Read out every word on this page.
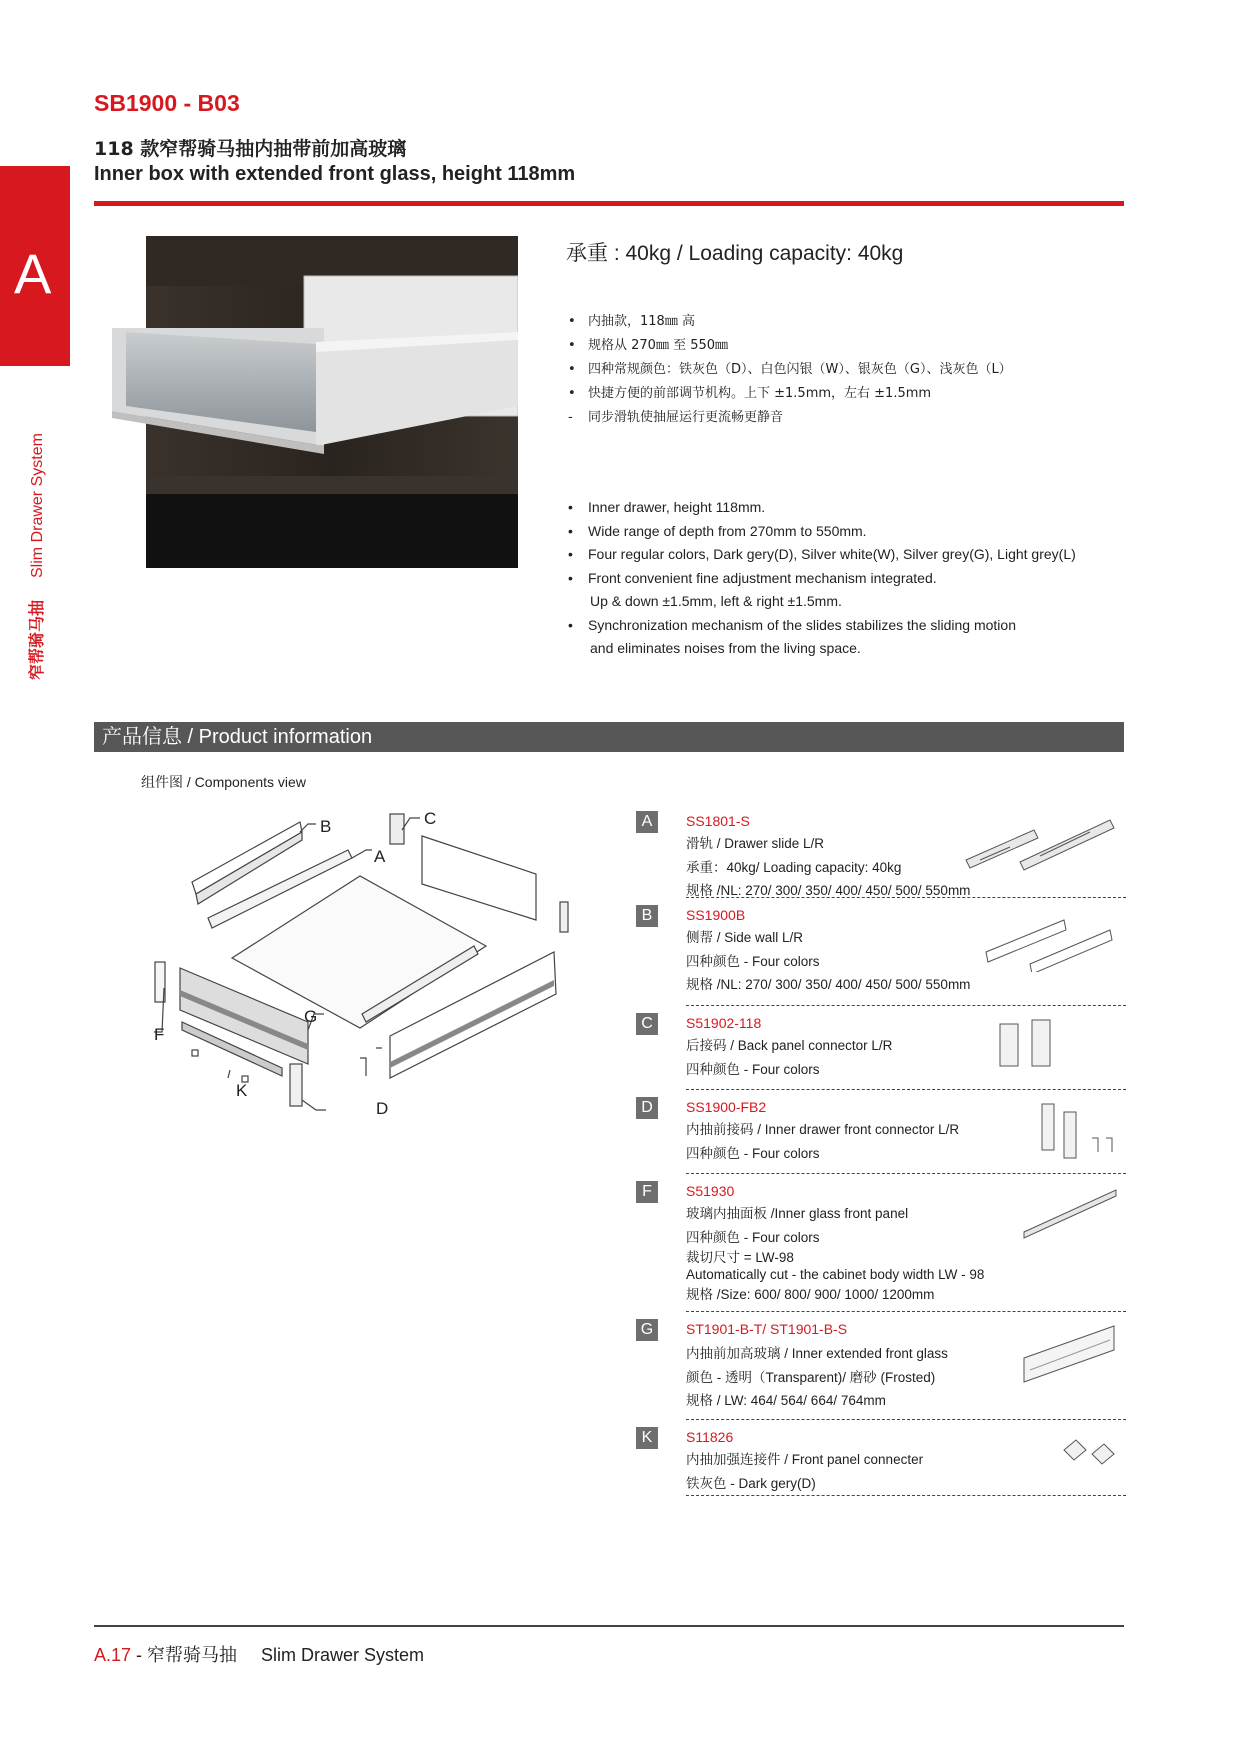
SB1900 - B03
118 款窄帮骑马抽内抽带前加高玻璃
Inner box with extended front glass, height 118mm
A
窄帮骑马抽Slim Drawer System
承重 : 40kg / Loading capacity: 40kg
• 内抽款，118㎜ 高
• 规格从 270㎜ 至 550㎜
• 四种常规颜色：铁灰色（D）、白色闪银（W）、银灰色（G）、浅灰色（L）
• 快捷方便的前部调节机构。上下 ±1.5mm，左右 ±1.5mm
- 同步滑轨使抽屉运行更流畅更静音
• Inner drawer, height 118mm.
• Wide range of depth from 270mm to 550mm.
• Four regular colors, Dark gery(D), Silver white(W), Silver grey(G), Light grey(L)
• Front convenient fine adjustment mechanism integrated.
Up & down ±1.5mm, left & right ±1.5mm.
• Synchronization mechanism of the slides stabilizes the sliding motion
and eliminates noises from the living space.
产品信息 / Product information
组件图 / Components view
B	C
A
G
F
K
D
A	SS1801-S
滑轨 / Drawer slide L/R
承重：40kg/ Loading capacity: 40kg
规格 /NL: 270/ 300/ 350/ 400/ 450/ 500/ 550mm
B	SS1900B
侧帮 / Side wall L/R
四种颜色 - Four colors
规格 /NL: 270/ 300/ 350/ 400/ 450/ 500/ 550mm
C	S51902-118
后接码 / Back panel connector L/R
四种颜色 - Four colors
D	SS1900-FB2
内抽前接码 / Inner drawer front connector L/R
四种颜色 - Four colors
F	S51930
玻璃内抽面板 /Inner glass front panel
四种颜色 - Four colors
裁切尺寸 = LW-98
Automatically cut - the cabinet body width LW - 98
规格 /Size: 600/ 800/ 900/ 1000/ 1200mm
G	ST1901-B-T/ ST1901-B-S
内抽前加高玻璃 / Inner extended front glass
颜色 - 透明（Transparent)/ 磨砂 (Frosted)
规格 / LW: 464/ 564/ 664/ 764mm
K	S11826
内抽加强连接件 / Front panel connecter
铁灰色 - Dark gery(D)
A.17 - 窄帮骑马抽 Slim Drawer System
